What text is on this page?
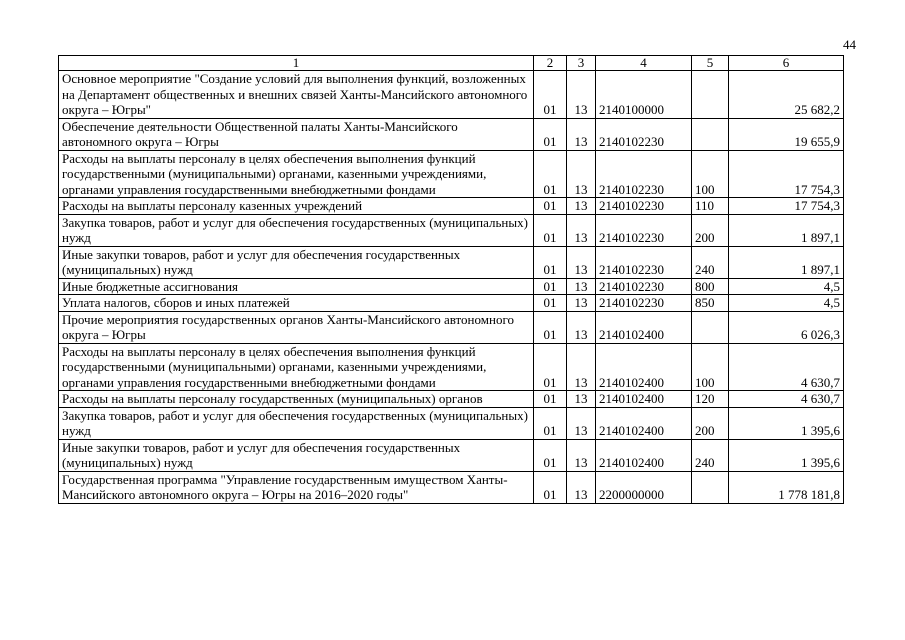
44
1	2	3	4	5	6
Основное мероприятие "Создание условий для выполнения функций, возложенных на Департамент общественных и внешних связей Ханты-Мансийского автономного округа – Югры"	01	13	2140100000		25 682,2
Обеспечение деятельности Общественной палаты Ханты-Мансийского автономного округа – Югры	01	13	2140102230		19 655,9
Расходы на выплаты персоналу в целях обеспечения выполнения функций государственными (муниципальными) органами, казенными учреждениями, органами управления государственными внебюджетными фондами	01	13	2140102230	100	17 754,3
Расходы на выплаты персоналу казенных учреждений	01	13	2140102230	110	17 754,3
Закупка товаров, работ и услуг для обеспечения государственных (муниципальных) нужд	01	13	2140102230	200	1 897,1
Иные закупки товаров, работ и услуг для обеспечения государственных (муниципальных) нужд	01	13	2140102230	240	1 897,1
Иные бюджетные ассигнования	01	13	2140102230	800	4,5
Уплата налогов, сборов и иных платежей	01	13	2140102230	850	4,5
Прочие мероприятия государственных органов Ханты-Мансийского автономного округа – Югры	01	13	2140102400		6 026,3
Расходы на выплаты персоналу в целях обеспечения выполнения функций государственными (муниципальными) органами, казенными учреждениями, органами управления государственными внебюджетными фондами	01	13	2140102400	100	4 630,7
Расходы на выплаты персоналу государственных (муниципальных) органов	01	13	2140102400	120	4 630,7
Закупка товаров, работ и услуг для обеспечения государственных (муниципальных) нужд	01	13	2140102400	200	1 395,6
Иные закупки товаров, работ и услуг для обеспечения государственных (муниципальных) нужд	01	13	2140102400	240	1 395,6
Государственная программа "Управление государственным имуществом Ханты-Мансийского автономного округа – Югры на 2016–2020 годы"	01	13	2200000000		1 778 181,8
